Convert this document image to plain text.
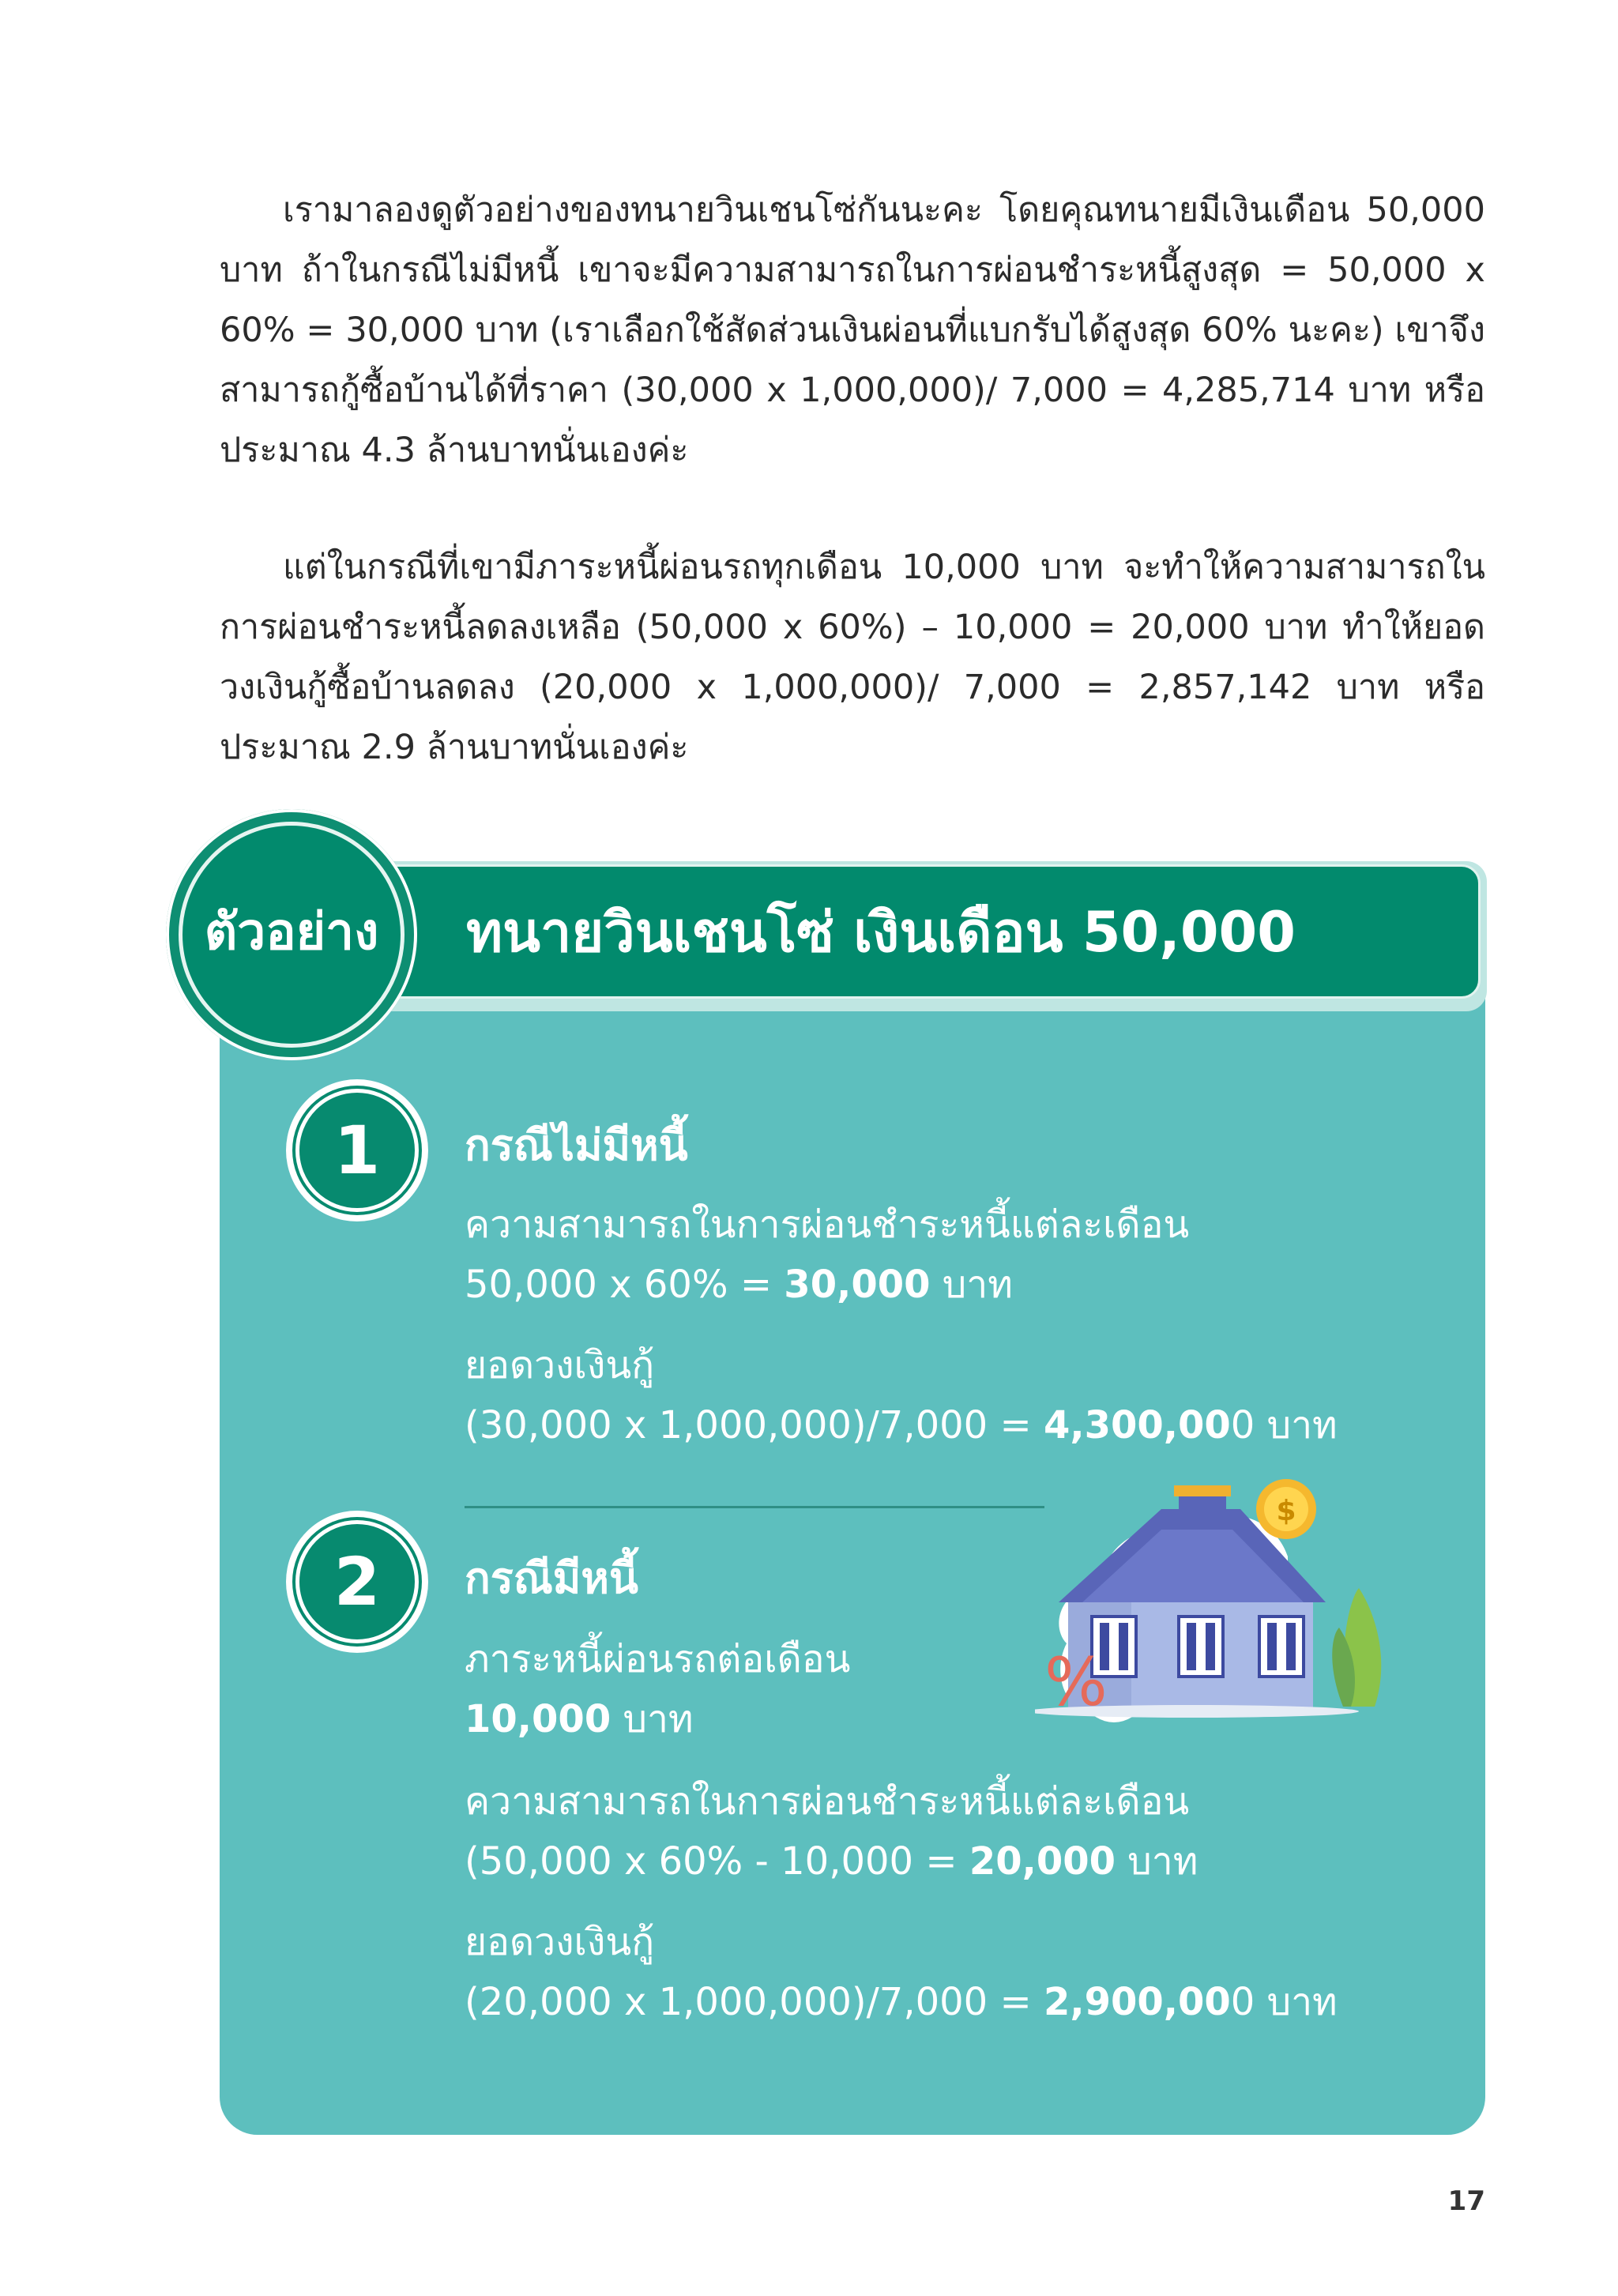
เรามาลองดูตัวอย่างของทนายวินเชนโซ่กันนะคะ โดยคุณทนายมีเงินเดือน 50,000 บาท ถ้าในกรณีไม่มีหนี้ เขาจะมีความสามารถในการผ่อนชำระหนี้สูงสุด = 50,000 x 60% = 30,000 บาท (เราเลือกใช้สัดส่วนเงินผ่อนที่แบกรับได้สูงสุด 60% นะคะ) เขาจึงสามารถกู้ซื้อบ้านได้ที่ราคา (30,000 x 1,000,000)/ 7,000 = 4,285,714 บาท หรือประมาณ 4.3 ล้านบาทนั่นเองค่ะ

แต่ในกรณีที่เขามีภาระหนี้ผ่อนรถทุกเดือน 10,000 บาท จะทำให้ความสามารถในการผ่อนชำระหนี้ลดลงเหลือ (50,000 x 60%) – 10,000 = 20,000 บาท ทำให้ยอดวงเงินกู้ซื้อบ้านลดลง (20,000 x 1,000,000)/ 7,000 = 2,857,142 บาท หรือประมาณ 2.9 ล้านบาทนั่นเองค่ะ

ทนายวินเชนโซ่ เงินเดือน 50,000
ตัวอย่าง
1	กรณีไม่มีหนี้
ความสามารถในการผ่อนชำระหนี้แต่ละเดือน
50,000 x 60% = 30,000 บาท
ยอดวงเงินกู้
(30,000 x 1,000,000)/7,000 = 4,300,000 บาท
2	กรณีมีหนี้
ภาระหนี้ผ่อนรถต่อเดือน
10,000 บาท
ความสามารถในการผ่อนชำระหนี้แต่ละเดือน
(50,000 x 60% - 10,000 = 20,000 บาท
ยอดวงเงินกู้
(20,000 x 1,000,000)/7,000 = 2,900,000 บาท
$
%
17
